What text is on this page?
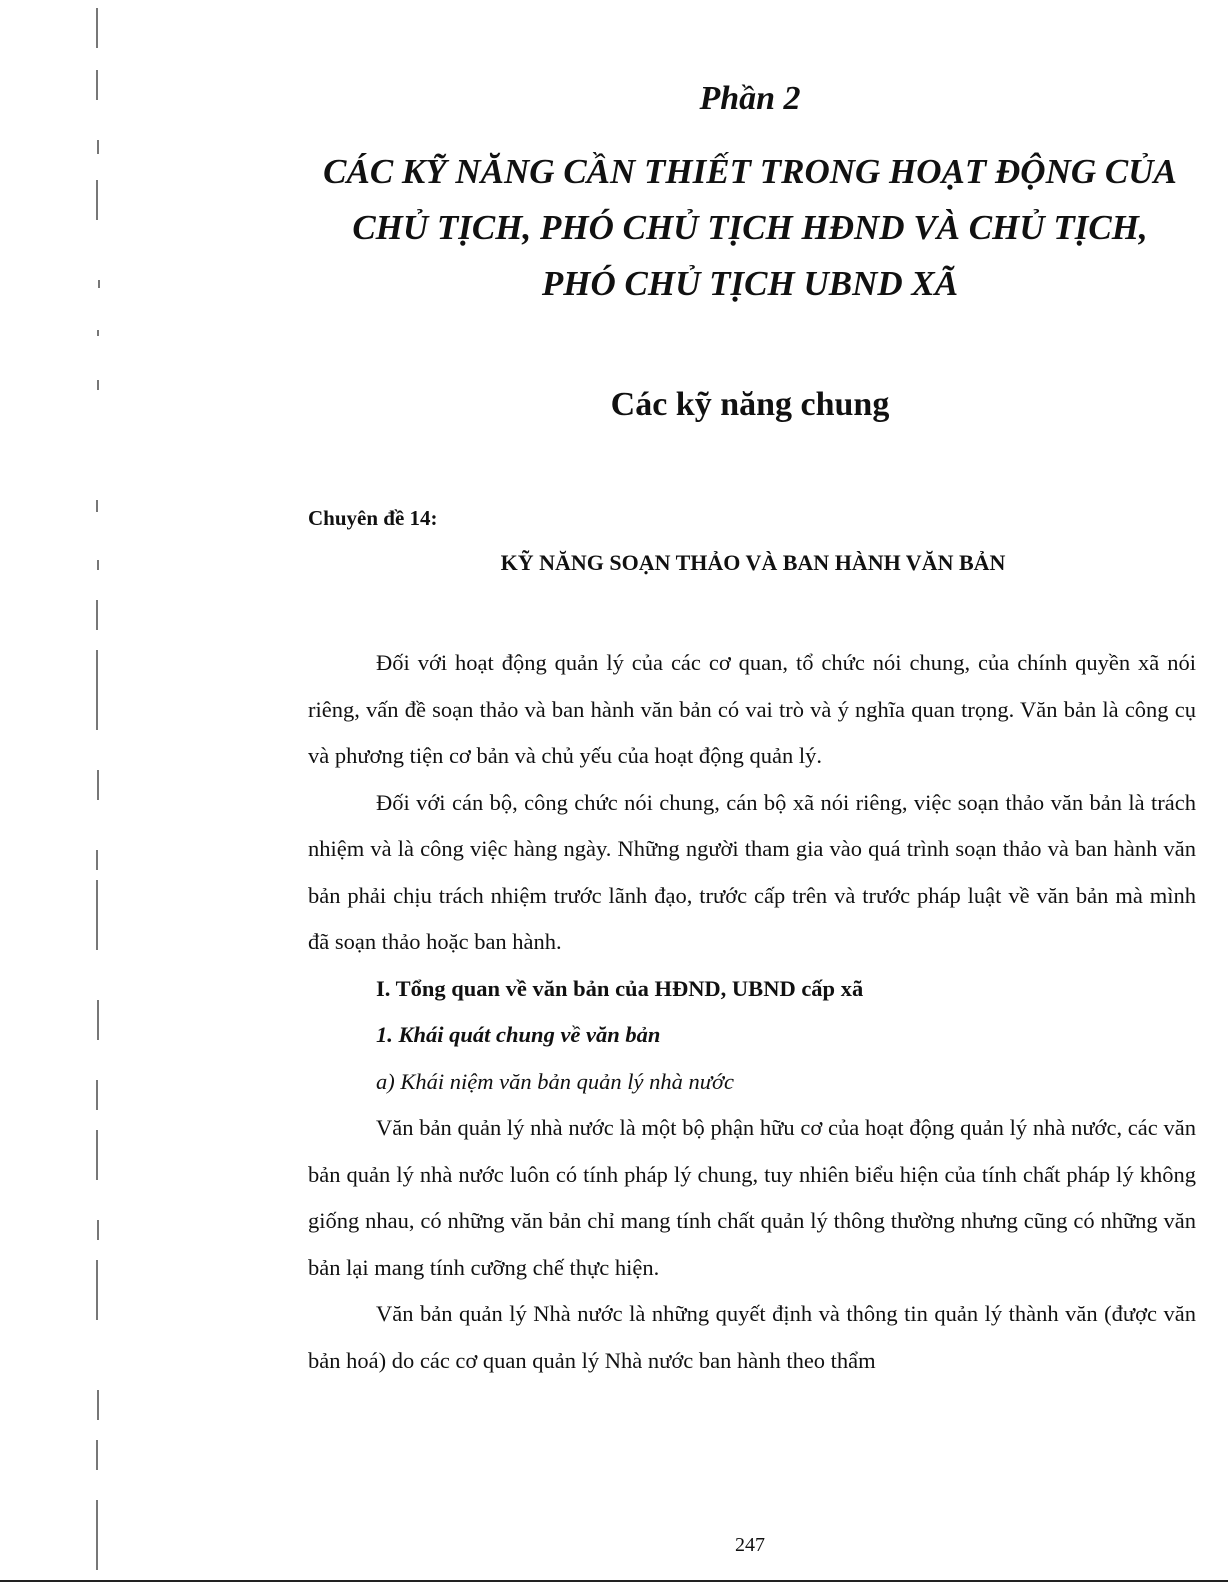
Phần 2
CÁC KỸ NĂNG CẦN THIẾT TRONG HOẠT ĐỘNG CỦA
CHỦ TỊCH, PHÓ CHỦ TỊCH HĐND VÀ CHỦ TỊCH,
PHÓ CHỦ TỊCH UBND XÃ
Các kỹ năng chung

Chuyên đề 14:

KỸ NĂNG SOẠN THẢO VÀ BAN HÀNH VĂN BẢN

Đối với hoạt động quản lý của các cơ quan, tổ chức nói chung, của chính quyền xã nói riêng, vấn đề soạn thảo và ban hành văn bản có vai trò và ý nghĩa quan trọng. Văn bản là công cụ và phương tiện cơ bản và chủ yếu của hoạt động quản lý.

Đối với cán bộ, công chức nói chung, cán bộ xã nói riêng, việc soạn thảo văn bản là trách nhiệm và là công việc hàng ngày. Những người tham gia vào quá trình soạn thảo và ban hành văn bản phải chịu trách nhiệm trước lãnh đạo, trước cấp trên và trước pháp luật về văn bản mà mình đã soạn thảo hoặc ban hành.

I. Tổng quan về văn bản của HĐND, UBND cấp xã

1. Khái quát chung về văn bản

a) Khái niệm văn bản quản lý nhà nước

Văn bản quản lý nhà nước là một bộ phận hữu cơ của hoạt động quản lý nhà nước, các văn bản quản lý nhà nước luôn có tính pháp lý chung, tuy nhiên biểu hiện của tính chất pháp lý không giống nhau, có những văn bản chỉ mang tính chất quản lý thông thường nhưng cũng có những văn bản lại mang tính cưỡng chế thực hiện.

Văn bản quản lý Nhà nước là những quyết định và thông tin quản lý thành văn (được văn bản hoá) do các cơ quan quản lý Nhà nước ban hành theo thẩm

247
